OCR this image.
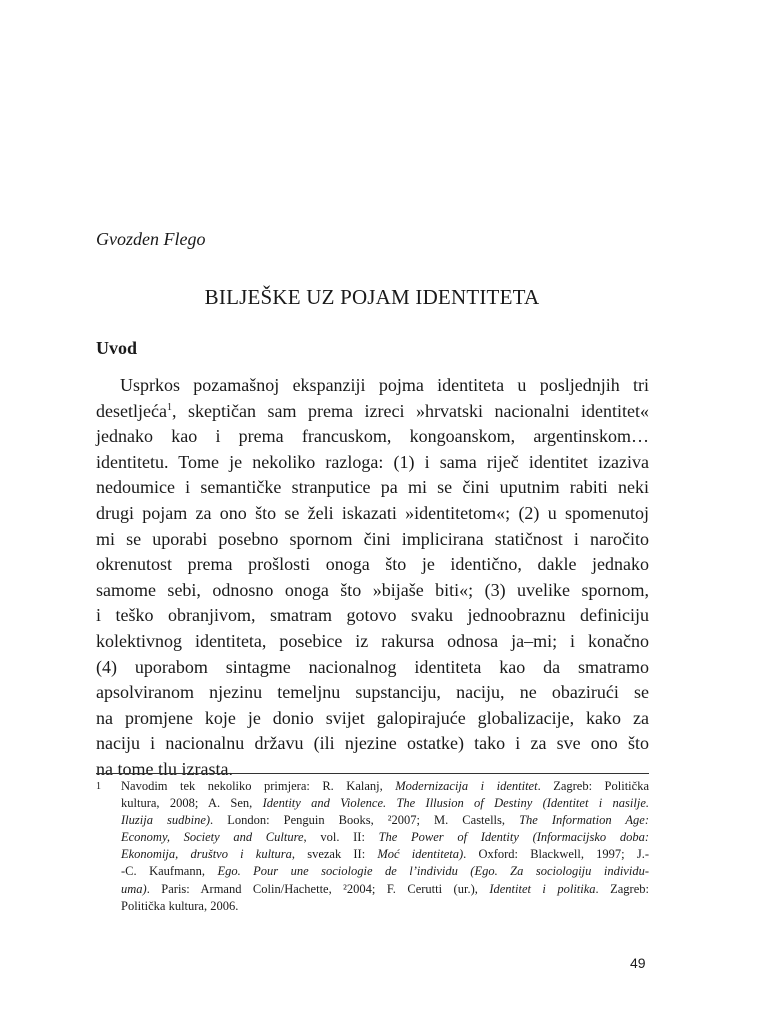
Gvozden Flego
BILJEŠKE UZ POJAM IDENTITETA
Uvod
Usprkos pozamašnoj ekspanziji pojma identiteta u posljednjih tri
desetljeća$^1$, skeptičan sam prema izreci »hrvatski nacionalni identitet«
jednako kao i prema francuskom, kongoanskom, argentinskom…
identitetu. Tome je nekoliko razloga: (1) i sama riječ identitet izaziva
nedoumice i semantičke stranputice pa mi se čini uputnim rabiti neki
drugi pojam za ono što se želi iskazati »identitetom«; (2) u spomenutoj
mi se uporabi posebno spornom čini implicirana statičnost i naročito
okrenutost prema prošlosti onoga što je identično, dakle jednako
samome sebi, odnosno onoga što »bijaše biti«; (3) uvelike spornom,
i teško obranjivom, smatram gotovo svaku jednoobraznu definiciju
kolektivnog identiteta, posebice iz rakursa odnosa ja–mi; i konačno
(4) uporabom sintagme nacionalnog identiteta kao da smatramo
apsolviranom njezinu temeljnu supstanciju, naciju, ne obazirući se
na promjene koje je donio svijet galopirajuće globalizacije, kako za
naciju i nacionalnu državu (ili njezine ostatke) tako i za sve ono što
na tome tlu izrasta.
1 Navodim tek nekoliko primjera: R. Kalanj, Modernizacija i identitet. Zagreb: Politička
kultura, 2008; A. Sen, Identity and Violence. The Illusion of Destiny (Identitet i nasilje.
Iluzija sudbine). London: Penguin Books, ²2007; M. Castells, The Information Age:
Economy, Society and Culture, vol. II: The Power of Identity (Informacijsko doba:
Ekonomija, društvo i kultura, svezak II: Moć identiteta). Oxford: Blackwell, 1997; J.-
-C. Kaufmann, Ego. Pour une sociologie de l’individu (Ego. Za sociologiju individu-
uma). Paris: Armand Colin/Hachette, ²2004; F. Cerutti (ur.), Identitet i politika. Zagreb:
Politička kultura, 2006.
49
